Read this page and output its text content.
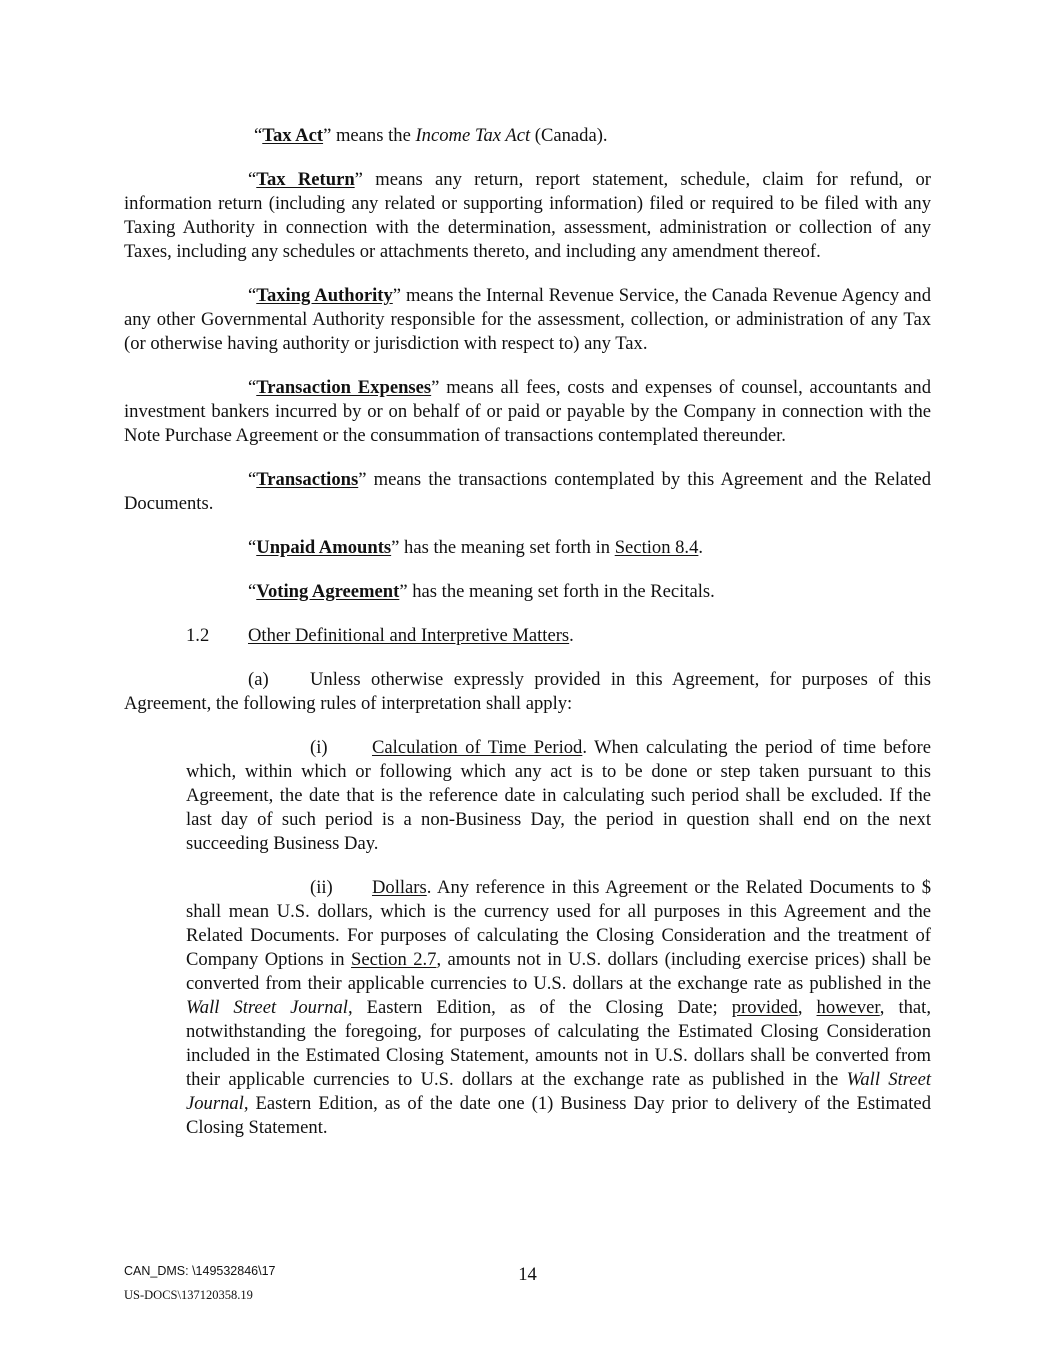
“Tax Act” means the Income Tax Act (Canada).

“Tax Return” means any return, report statement, schedule, claim for refund, or information return (including any related or supporting information) filed or required to be filed with any Taxing Authority in connection with the determination, assessment, administration or collection of any Taxes, including any schedules or attachments thereto, and including any amendment thereof.

“Taxing Authority” means the Internal Revenue Service, the Canada Revenue Agency and any other Governmental Authority responsible for the assessment, collection, or administration of any Tax (or otherwise having authority or jurisdiction with respect to) any Tax.

“Transaction Expenses” means all fees, costs and expenses of counsel, accountants and investment bankers incurred by or on behalf of or paid or payable by the Company in connection with the Note Purchase Agreement or the consummation of transactions contemplated thereunder.

“Transactions” means the transactions contemplated by this Agreement and the Related Documents.

“Unpaid Amounts” has the meaning set forth in Section 8.4.

“Voting Agreement” has the meaning set forth in the Recitals.

1.2 Other Definitional and Interpretive Matters.

(a) Unless otherwise expressly provided in this Agreement, for purposes of this Agreement, the following rules of interpretation shall apply:

(i) Calculation of Time Period. When calculating the period of time before which, within which or following which any act is to be done or step taken pursuant to this Agreement, the date that is the reference date in calculating such period shall be excluded. If the last day of such period is a non-Business Day, the period in question shall end on the next succeeding Business Day.

(ii) Dollars. Any reference in this Agreement or the Related Documents to $ shall mean U.S. dollars, which is the currency used for all purposes in this Agreement and the Related Documents. For purposes of calculating the Closing Consideration and the treatment of Company Options in Section 2.7, amounts not in U.S. dollars (including exercise prices) shall be converted from their applicable currencies to U.S. dollars at the exchange rate as published in the Wall Street Journal, Eastern Edition, as of the Closing Date; provided, however, that, notwithstanding the foregoing, for purposes of calculating the Estimated Closing Consideration included in the Estimated Closing Statement, amounts not in U.S. dollars shall be converted from their applicable currencies to U.S. dollars at the exchange rate as published in the Wall Street Journal, Eastern Edition, as of the date one (1) Business Day prior to delivery of the Estimated Closing Statement.

CAN_DMS: \149532846\17
US-DOCS\137120358.19
14
